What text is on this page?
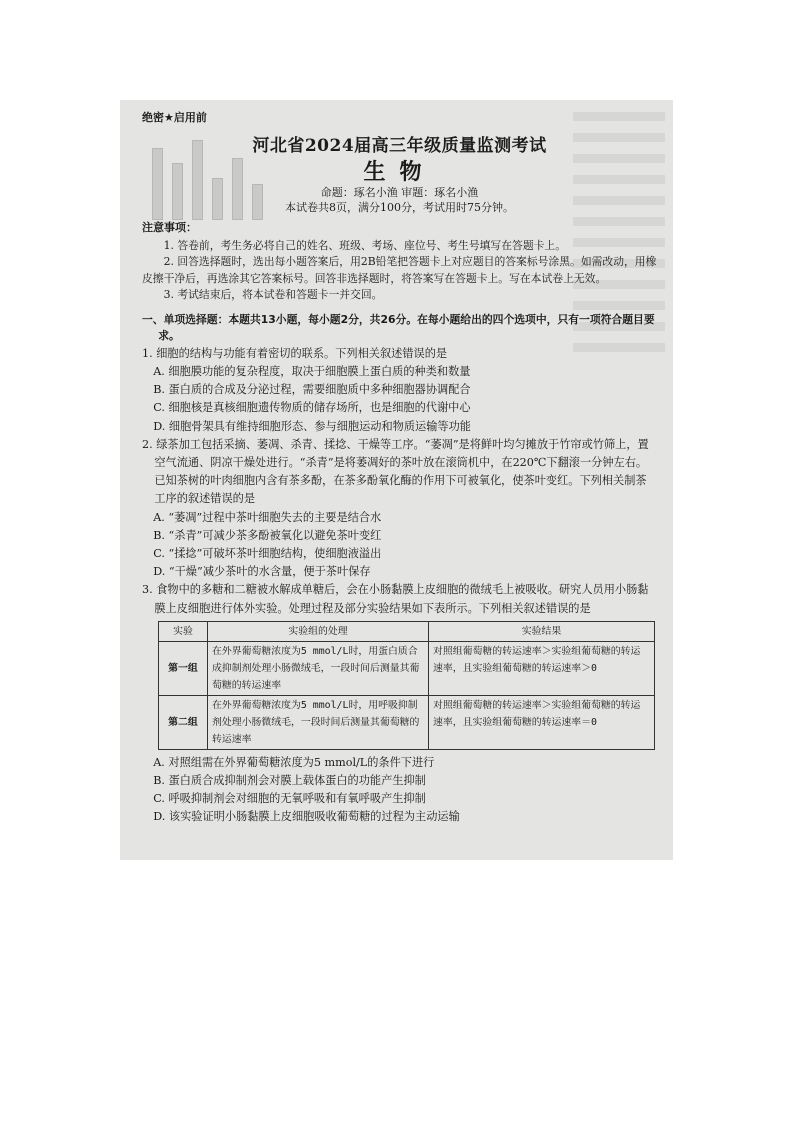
绝密★启用前
河北省2024届高三年级质量监测考试
生物
命题：琢名小渔 审题：琢名小渔
本试卷共8页，满分100分，考试用时75分钟。
注意事项：
1. 答卷前，考生务必将自己的姓名、班级、考场、座位号、考生号填写在答题卡上。
2. 回答选择题时，选出每小题答案后，用2B铅笔把答题卡上对应题目的答案标号涂黑。如需改动，用橡皮擦干净后，再选涂其它答案标号。回答非选择题时，将答案写在答题卡上。写在本试卷上无效。
3. 考试结束后，将本试卷和答题卡一并交回。
一、单项选择题：本题共13小题，每小题2分，共26分。在每小题给出的四个选项中，只有一项符合题目要求。
1. 细胞的结构与功能有着密切的联系。下列相关叙述错误的是
A. 细胞膜功能的复杂程度，取决于细胞膜上蛋白质的种类和数量
B. 蛋白质的合成及分泌过程，需要细胞质中多种细胞器协调配合
C. 细胞核是真核细胞遗传物质的储存场所，也是细胞的代谢中心
D. 细胞骨架具有维持细胞形态、参与细胞运动和物质运输等功能
2. 绿茶加工包括采摘、萎凋、杀青、揉捻、干燥等工序。“萎凋”是将鲜叶均匀摊放于竹帘或竹筛上，置空气流通、阴凉干燥处进行。“杀青”是将萎凋好的茶叶放在滚筒机中，在220℃下翻滚一分钟左右。已知茶树的叶肉细胞内含有茶多酚，在茶多酚氧化酶的作用下可被氧化，使茶叶变红。下列相关制茶工序的叙述错误的是
A. “萎凋”过程中茶叶细胞失去的主要是结合水
B. “杀青”可减少茶多酚被氧化以避免茶叶变红
C. “揉捻”可破坏茶叶细胞结构，使细胞液溢出
D. “干燥”减少茶叶的水含量，便于茶叶保存
3. 食物中的多糖和二糖被水解成单糖后，会在小肠黏膜上皮细胞的微绒毛上被吸收。研究人员用小肠黏膜上皮细胞进行体外实验。处理过程及部分实验结果如下表所示。下列相关叙述错误的是
实验	实验组的处理	实验结果
第一组	在外界葡萄糖浓度为5 mmol/L时，用蛋白质合成抑制剂处理小肠微绒毛，一段时间后测量其葡萄糖的转运速率	对照组葡萄糖的转运速率＞实验组葡萄糖的转运速率，且实验组葡萄糖的转运速率＞0
第二组	在外界葡萄糖浓度为5 mmol/L时，用呼吸抑制剂处理小肠微绒毛，一段时间后测量其葡萄糖的转运速率	对照组葡萄糖的转运速率＞实验组葡萄糖的转运速率，且实验组葡萄糖的转运速率＝0
A. 对照组需在外界葡萄糖浓度为5 mmol/L的条件下进行
B. 蛋白质合成抑制剂会对膜上载体蛋白的功能产生抑制
C. 呼吸抑制剂会对细胞的无氧呼吸和有氧呼吸产生抑制
D. 该实验证明小肠黏膜上皮细胞吸收葡萄糖的过程为主动运输
